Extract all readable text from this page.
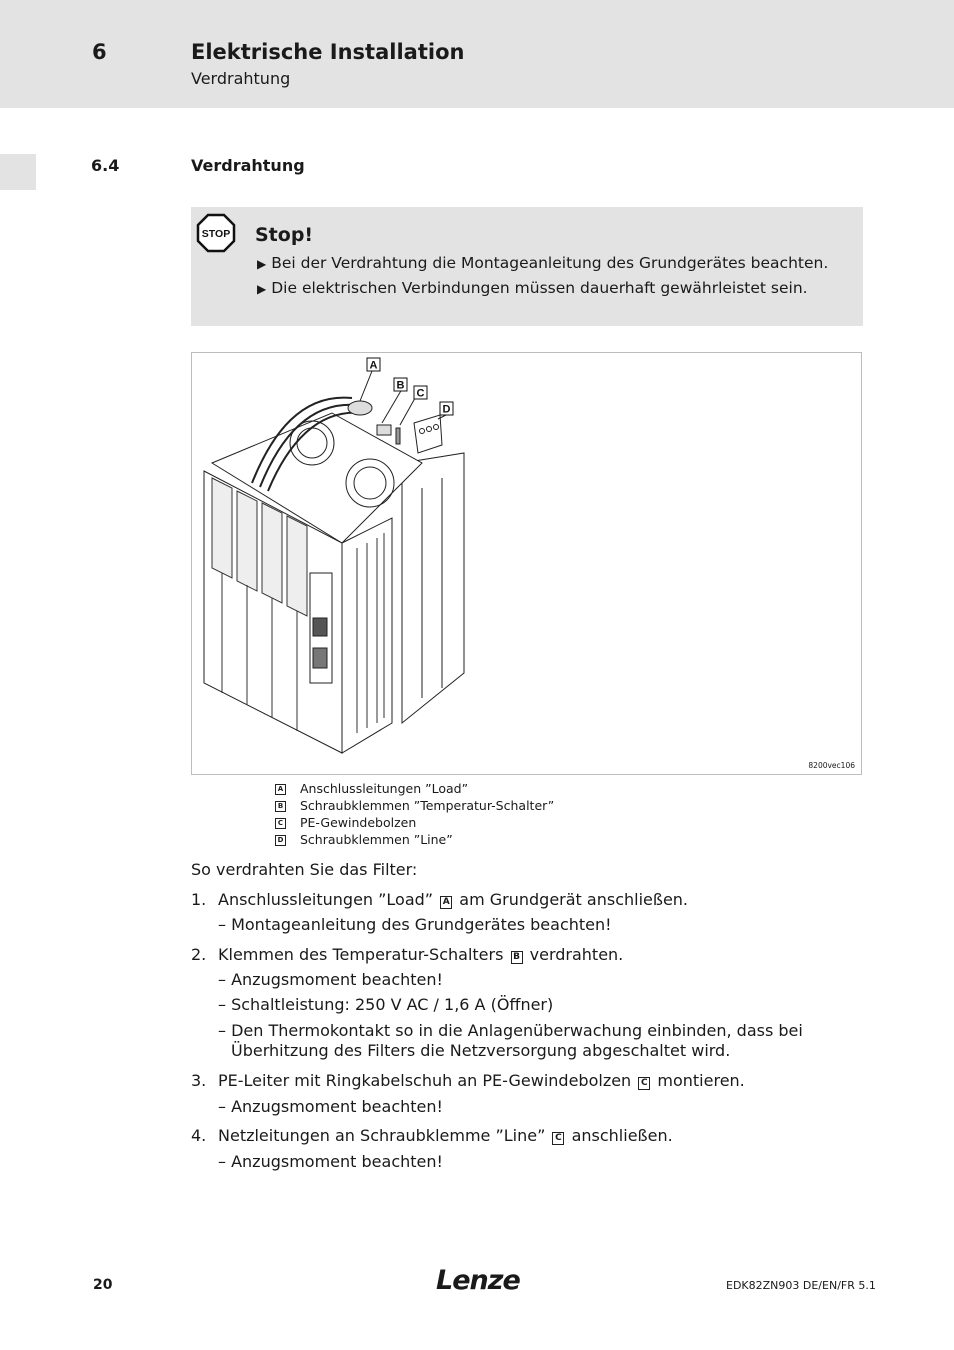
6	Elektrische Installation
Verdrahtung
6.4	Verdrahtung
STOP Stop!
▶ Bei der Verdrahtung die Montageanleitung des Grundgerätes beachten.
▶ Die elektrischen Verbindungen müssen dauerhaft gewährleistet sein.
A
B
C
D
8200vec106
A Anschlussleitungen ”Load”
B Schraubklemmen ”Temperatur-Schalter”
C PE-Gewindebolzen
D Schraubklemmen ”Line”
So verdrahten Sie das Filter:
1. Anschlussleitungen ”Load” A am Grundgerät anschließen.
– Montageanleitung des Grundgerätes beachten!
2. Klemmen des Temperatur-Schalters B verdrahten.
– Anzugsmoment beachten!
– Schaltleistung: 250 V AC / 1,6 A (Öffner)
– Den Thermokontakt so in die Anlagenüberwachung einbinden, dass bei
Überhitzung des Filters die Netzversorgung abgeschaltet wird.
3. PE-Leiter mit Ringkabelschuh an PE-Gewindebolzen C montieren.
– Anzugsmoment beachten!
4. Netzleitungen an Schraubklemme ”Line” C anschließen.
– Anzugsmoment beachten!
20	Lenze	EDK82ZN903 DE/EN/FR 5.1
